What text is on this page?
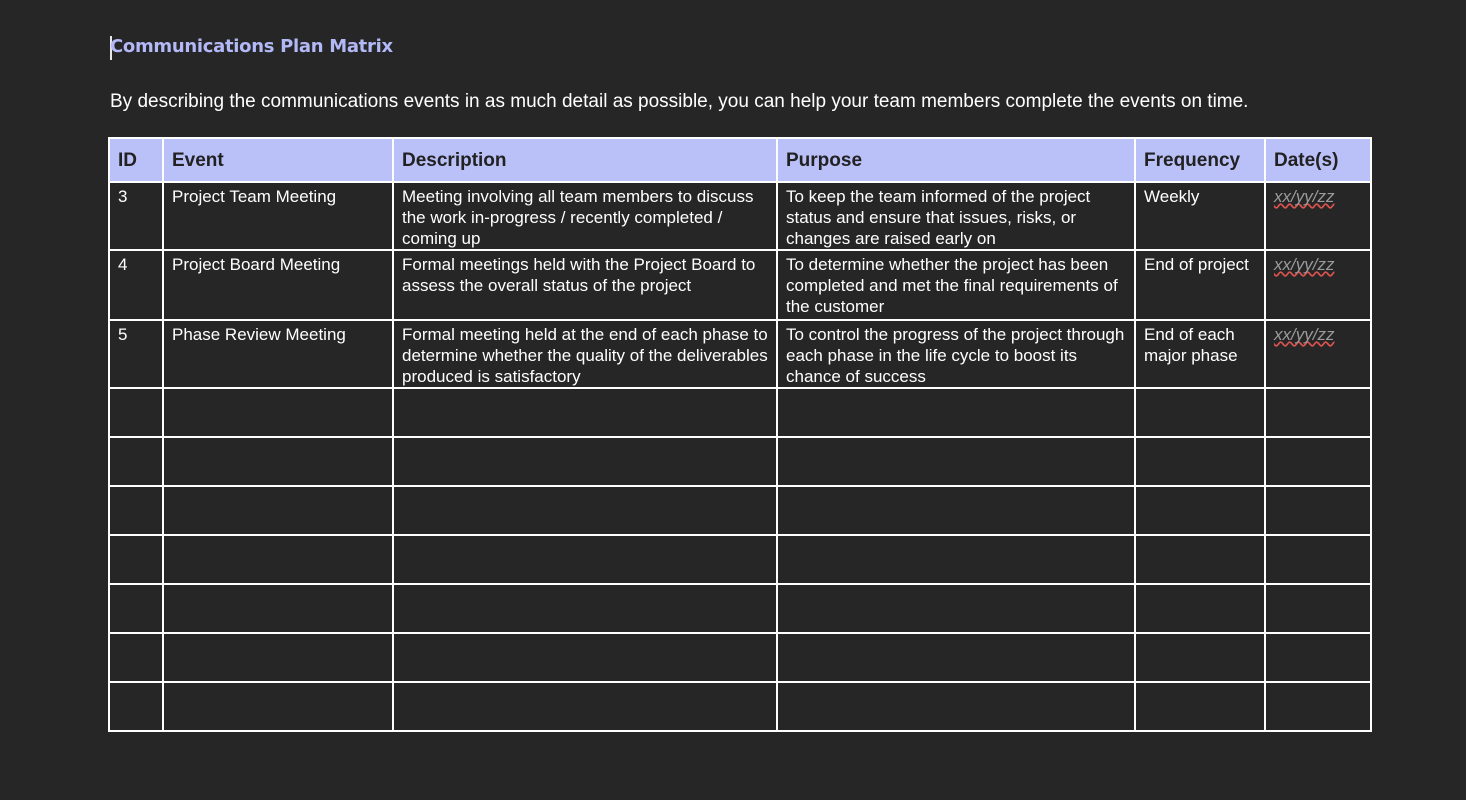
Communications Plan Matrix
By describing the communications events in as much detail as possible, you can help your team members complete the events on time.
ID	Event	Description	Purpose	Frequency	Date(s)
3	Project Team Meeting	Meeting involving all team members to discuss the work in-progress / recently completed / coming up	To keep the team informed of the project status and ensure that issues, risks, or changes are raised early on	Weekly	xx/yy/zz
4	Project Board Meeting	Formal meetings held with the Project Board to assess the overall status of the project	To determine whether the project has been completed and met the final requirements of the customer	End of project	xx/yy/zz
5	Phase Review Meeting	Formal meeting held at the end of each phase to determine whether the quality of the deliverables produced is satisfactory	To control the progress of the project through each phase in the life cycle to boost its chance of success	End of each major phase	xx/yy/zz
